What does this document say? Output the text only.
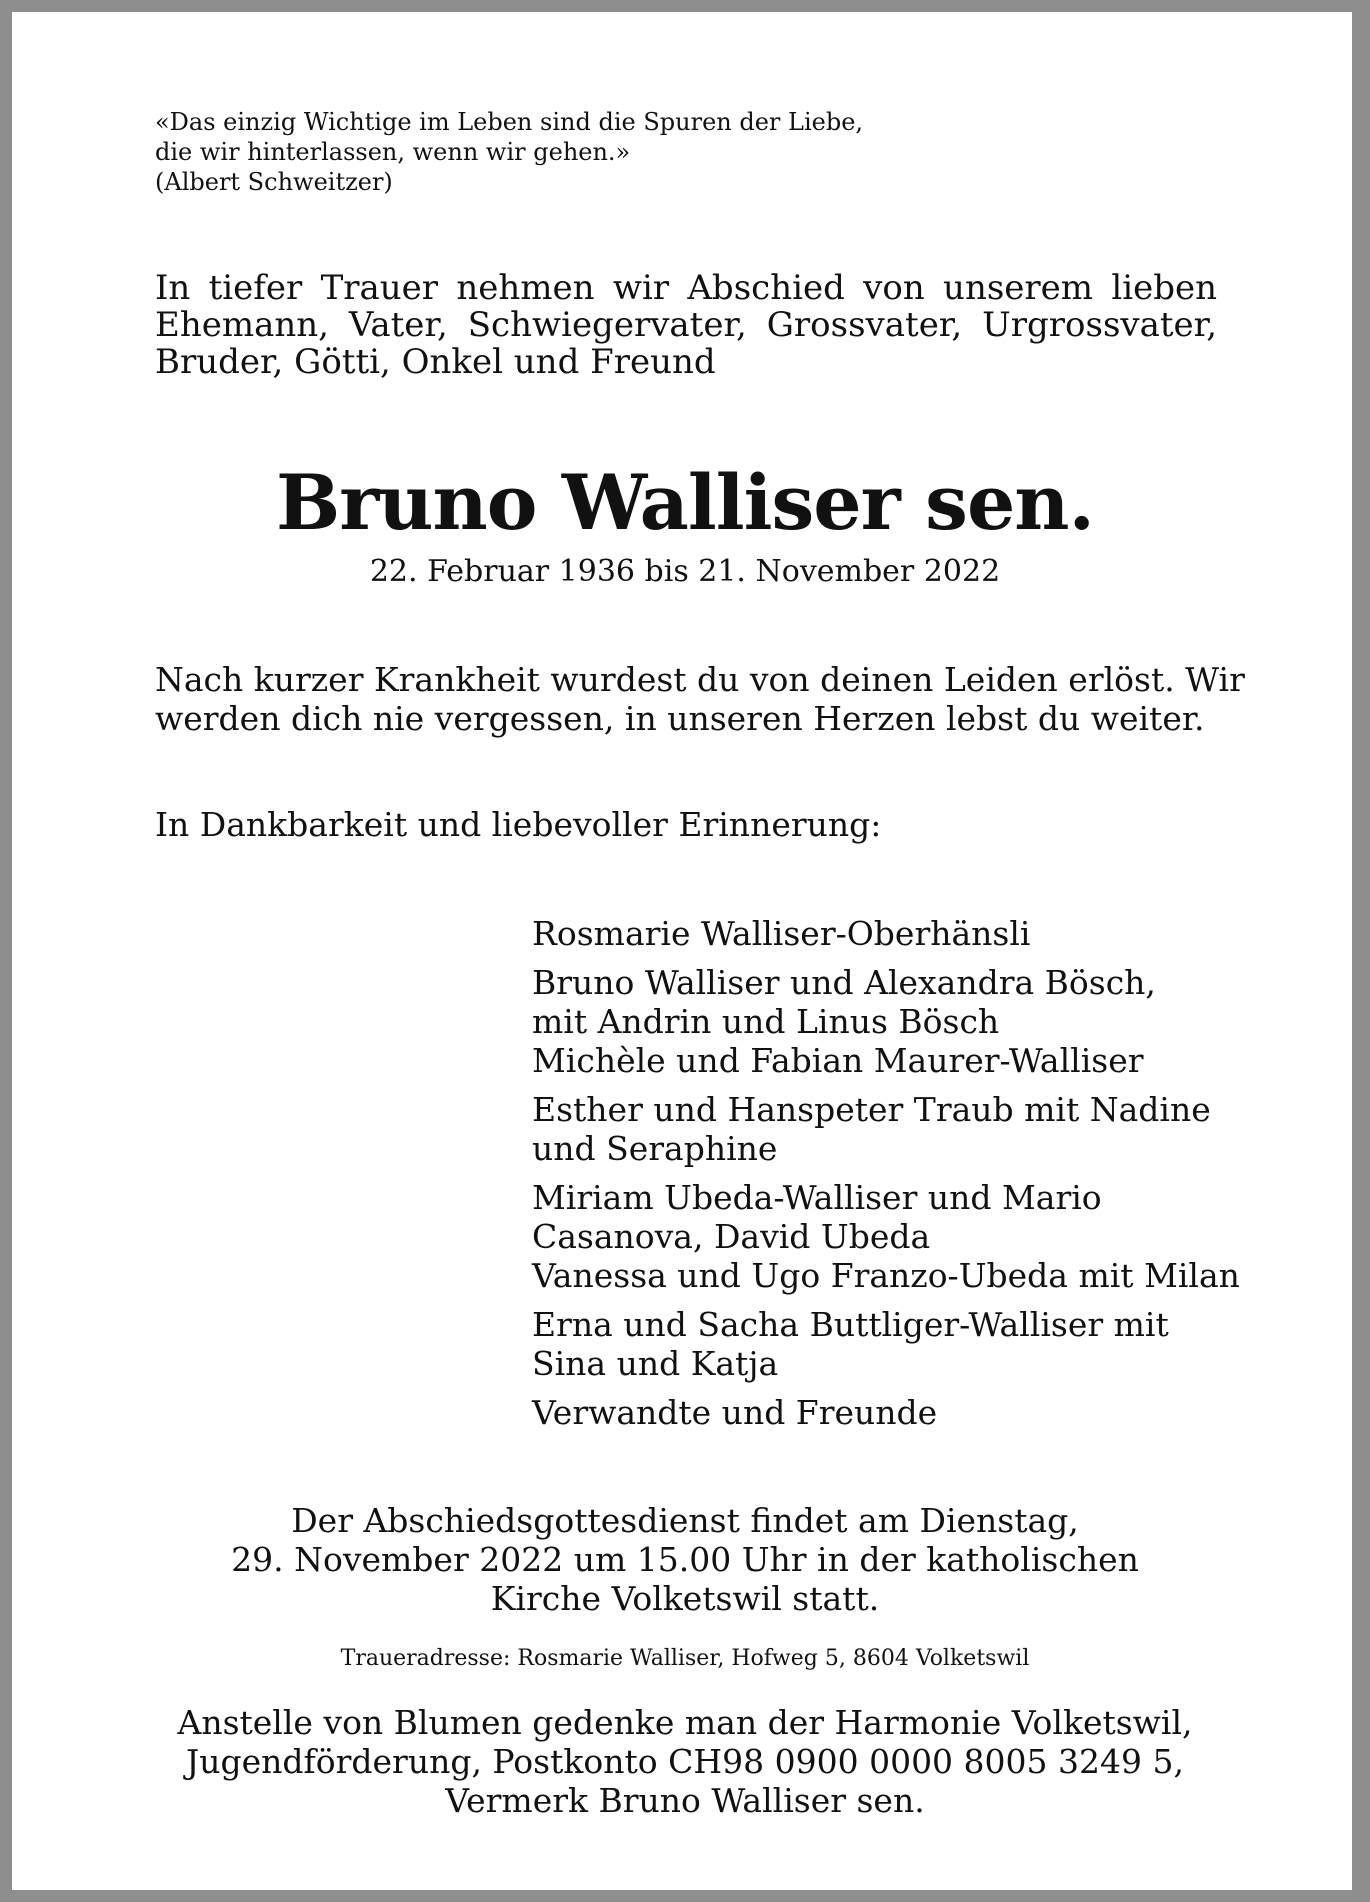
«Das einzig Wichtige im Leben sind die Spuren der Liebe,
die wir hinterlassen, wenn wir gehen.»
(Albert Schweitzer)
In tiefer Trauer nehmen wir Abschied von unserem lieben
Ehemann, Vater, Schwiegervater, Grossvater, Urgrossvater,
Bruder, Götti, Onkel und Freund
Bruno Walliser sen.
22. Februar 1936 bis 21. November 2022
Nach kurzer Krankheit wurdest du von deinen Leiden erlöst. Wir
werden dich nie vergessen, in unseren Herzen lebst du weiter.
In Dankbarkeit und liebevoller Erinnerung:
Rosmarie Walliser-Oberhänsli
Bruno Walliser und Alexandra Bösch,
mit Andrin und Linus Bösch
Michèle und Fabian Maurer-Walliser
Esther und Hanspeter Traub mit Nadine
und Seraphine
Miriam Ubeda-Walliser und Mario
Casanova, David Ubeda
Vanessa und Ugo Franzo-Ubeda mit Milan
Erna und Sacha Buttliger-Walliser mit
Sina und Katja
Verwandte und Freunde
Der Abschiedsgottesdienst findet am Dienstag,
29. November 2022 um 15.00 Uhr in der katholischen
Kirche Volketswil statt.
Traueradresse: Rosmarie Walliser, Hofweg 5, 8604 Volketswil
Anstelle von Blumen gedenke man der Harmonie Volketswil,
Jugendförderung, Postkonto CH98 0900 0000 8005 3249 5,
Vermerk Bruno Walliser sen.
